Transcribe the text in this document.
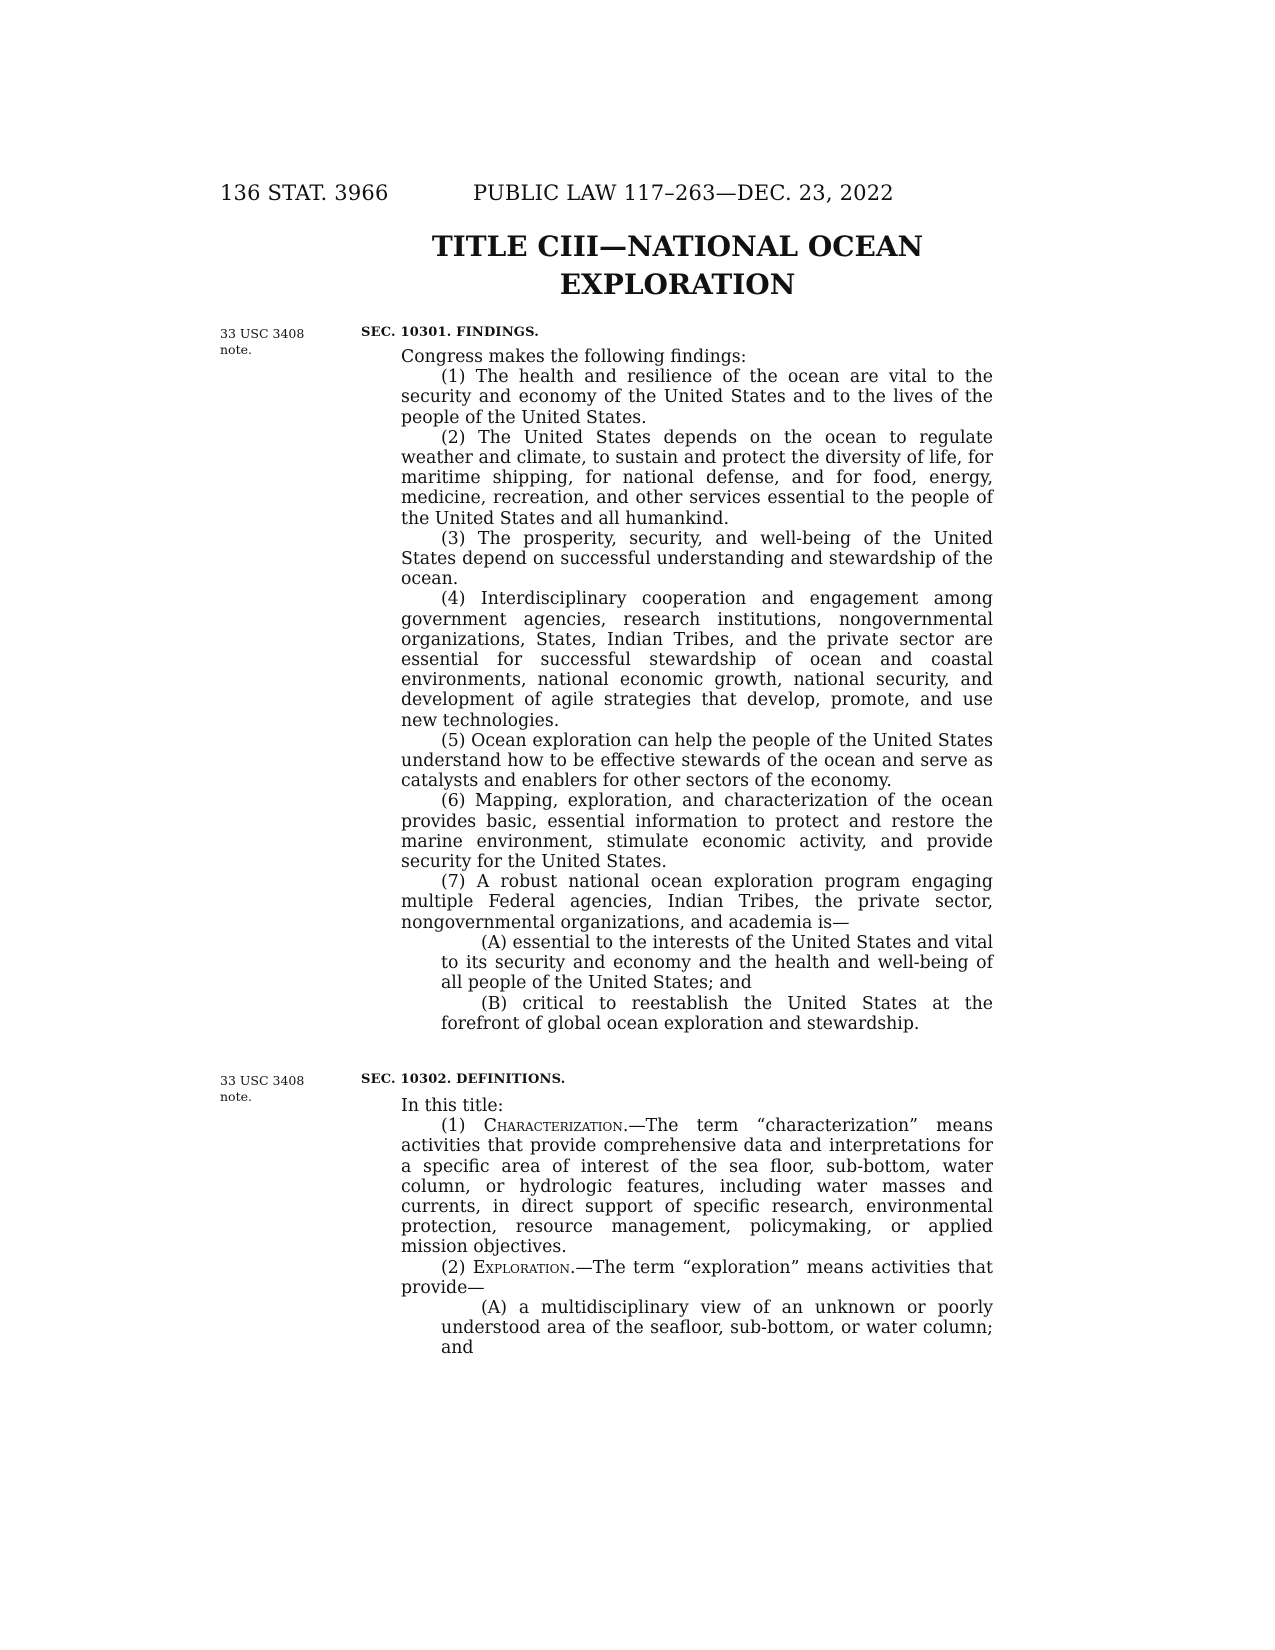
136 STAT. 3966	PUBLIC LAW 117–263—DEC. 23, 2022
TITLE CIII—NATIONAL OCEAN
EXPLORATION
33 USC 3408
note.
SEC. 10301. FINDINGS.

Congress makes the following findings:

(1) The health and resilience of the ocean are vital to the security and economy of the United States and to the lives of the people of the United States.

(2) The United States depends on the ocean to regulate weather and climate, to sustain and protect the diversity of life, for maritime shipping, for national defense, and for food, energy, medicine, recreation, and other services essential to the people of the United States and all humankind.

(3) The prosperity, security, and well-being of the United States depend on successful understanding and stewardship of the ocean.

(4) Interdisciplinary cooperation and engagement among government agencies, research institutions, nongovernmental organizations, States, Indian Tribes, and the private sector are essential for successful stewardship of ocean and coastal environments, national economic growth, national security, and development of agile strategies that develop, promote, and use new technologies.

(5) Ocean exploration can help the people of the United States understand how to be effective stewards of the ocean and serve as catalysts and enablers for other sectors of the economy.

(6) Mapping, exploration, and characterization of the ocean provides basic, essential information to protect and restore the marine environment, stimulate economic activity, and provide security for the United States.

(7) A robust national ocean exploration program engaging multiple Federal agencies, Indian Tribes, the private sector, nongovernmental organizations, and academia is—

(A) essential to the interests of the United States and vital to its security and economy and the health and well-being of all people of the United States; and

(B) critical to reestablish the United States at the forefront of global ocean exploration and stewardship.

33 USC 3408
note.
SEC. 10302. DEFINITIONS.

In this title:

(1) Characterization.—The term “characterization” means activities that provide comprehensive data and interpretations for a specific area of interest of the sea floor, sub-bottom, water column, or hydrologic features, including water masses and currents, in direct support of specific research, environmental protection, resource management, policymaking, or applied mission objectives.

(2) Exploration.—The term “exploration” means activities that provide—

(A) a multidisciplinary view of an unknown or poorly understood area of the seafloor, sub-bottom, or water column; and
